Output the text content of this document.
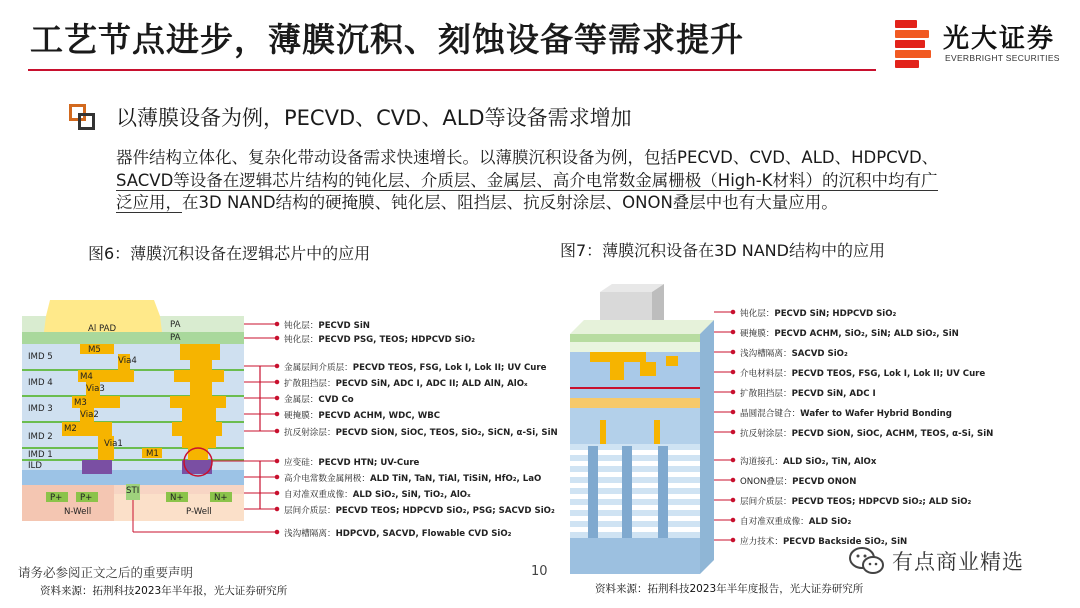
工艺节点进步，薄膜沉积、刻蚀设备等需求提升	光大证券
EVERBRIGHT SECURITIES
以薄膜设备为例，PECVD、CVD、ALD等设备需求增加
器件结构立体化、复杂化带动设备需求快速增长。以薄膜沉积设备为例，包括PECVD、CVD、ALD、HDPCVD、
SACVD等设备在逻辑芯片结构的钝化层、介质层、金属层、高介电常数金属栅极（High-K材料）的沉积中均有广
泛应用，在3D NAND结构的硬掩膜、钝化层、阻挡层、抗反射涂层、ONON叠层中也有大量应用。
图6：薄膜沉积设备在逻辑芯片中的应用	图7：薄膜沉积设备在3D NAND结构中的应用
Al PAD	PA
PA
M5
Via4
M4
Via3
M3
Via2
M2
Via1
M1
IMD 5
IMD 4
IMD 3
IMD 2
IMD 1
ILD
STI
P+ P+	N+	N+
N-Well	P-Well
钝化层：PECVD SiN
钝化层：PECVD PSG, TEOS; HDPCVD SiO₂
金属层间介质层：PECVD TEOS, FSG, Lok I, Lok II; UV Cure
扩散阻挡层：PECVD SiN, ADC I, ADC II; ALD AlN, AlOₓ
金属层：CVD Co
硬掩膜：PECVD ACHM, WDC, WBC
抗反射涂层：PECVD SiON, SiOC, TEOS, SiO₂, SiCN, α-Si, SiN
应变硅：PECVD HTN; UV-Cure
高介电常数金属闸极：ALD TiN, TaN, TiAl, TiSiN, HfO₂, LaO
自对准双重成像：ALD SiO₂, SiN, TiO₂, AlOₓ
层间介质层：PECVD TEOS; HDPCVD SiO₂, PSG; SACVD SiO₂
浅沟槽隔离：HDPCVD, SACVD, Flowable CVD SiO₂
钝化层：PECVD SiN; HDPCVD SiO₂
硬掩膜：PECVD ACHM, SiO₂, SiN; ALD SiO₂, SiN
浅沟槽隔离：SACVD SiO₂
介电材料层：PECVD TEOS, FSG, Lok I, Lok II; UV Cure
扩散阻挡层：PECVD SiN, ADC I
晶圆混合键合：Wafer to Wafer Hybrid Bonding
抗反射涂层：PECVD SiON, SiOC, ACHM, TEOS, α-Si, SiN
沟道接孔：ALD SiO₂, TiN, AlOx
ONON叠层：PECVD ONON
层间介质层：PECVD TEOS; HDPCVD SiO₂; ALD SiO₂
自对准双重成像：ALD SiO₂
应力技术：PECVD Backside SiO₂, SiN
请务必参阅正文之后的重要声明
资料来源：拓荆科技2023年半年报，光大证券研究所
10
资料来源：拓荆科技2023年半年度报告，光大证券研究所
有点商业精选
